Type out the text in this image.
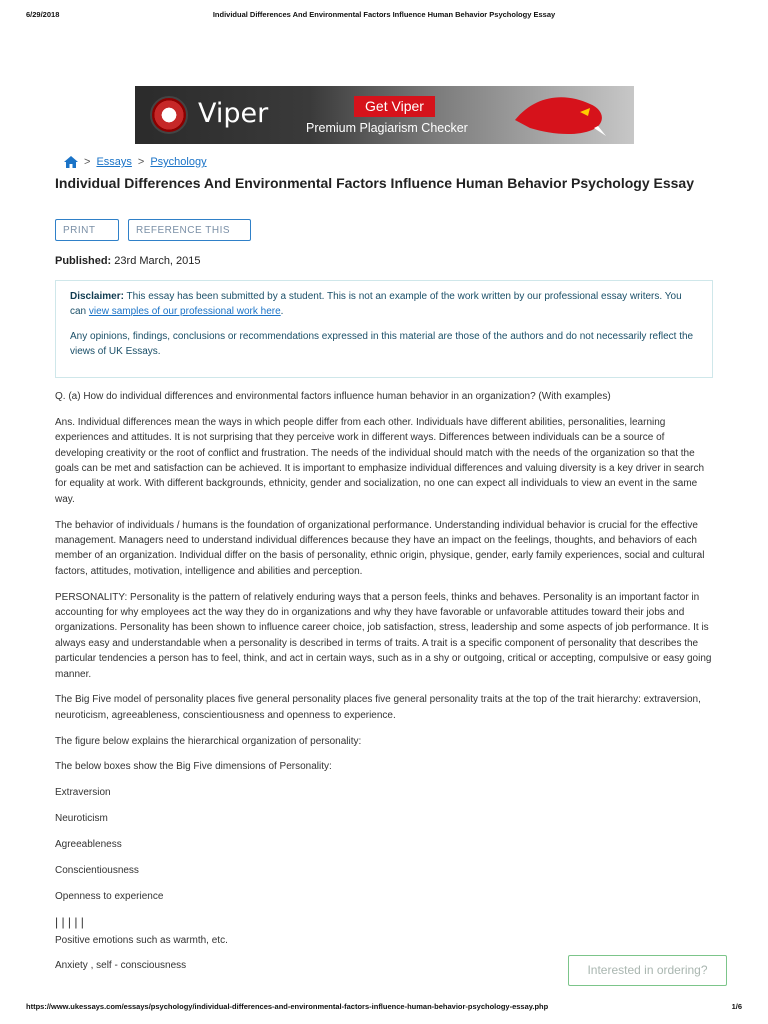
6/29/2018	Individual Differences And Environmental Factors Influence Human Behavior Psychology Essay
Viper	Get Viper
Premium Plagiarism Checker
> Essays > Psychology
Individual Differences And Environmental Factors Influence Human Behavior Psychology Essay
PRINT	REFERENCE THIS
Published: 23rd March, 2015

Disclaimer: This essay has been submitted by a student. This is not an example of the work written by our professional essay writers. You can view samples of our professional work here.

Any opinions, findings, conclusions or recommendations expressed in this material are those of the authors and do not necessarily reflect the views of UK Essays.

Q. (a) How do individual differences and environmental factors influence human behavior in an organization? (With examples)

Ans. Individual differences mean the ways in which people differ from each other. Individuals have different abilities, personalities, learning experiences and attitudes. It is not surprising that they perceive work in different ways. Differences between individuals can be a source of developing creativity or the root of conflict and frustration. The needs of the individual should match with the needs of the organization so that the goals can be met and satisfaction can be achieved. It is important to emphasize individual differences and valuing diversity is a key driver in search for equality at work. With different backgrounds, ethnicity, gender and socialization, no one can expect all individuals to view an event in the same way.

The behavior of individuals / humans is the foundation of organizational performance. Understanding individual behavior is crucial for the effective management. Managers need to understand individual differences because they have an impact on the feelings, thoughts, and behaviors of each member of an organization. Individual differ on the basis of personality, ethnic origin, physique, gender, early family experiences, social and cultural factors, attitudes, motivation, intelligence and abilities and perception.

PERSONALITY: Personality is the pattern of relatively enduring ways that a person feels, thinks and behaves. Personality is an important factor in accounting for why employees act the way they do in organizations and why they have favorable or unfavorable attitudes toward their jobs and organizations. Personality has been shown to influence career choice, job satisfaction, stress, leadership and some aspects of job performance. It is always easy and understandable when a personality is described in terms of traits. A trait is a specific component of personality that describes the particular tendencies a person has to feel, think, and act in certain ways, such as in a shy or outgoing, critical or accepting, compulsive or easy going manner.

The Big Five model of personality places five general personality places five general personality traits at the top of the trait hierarchy: extraversion, neuroticism, agreeableness, conscientiousness and openness to experience.

The figure below explains the hierarchical organization of personality:

The below boxes show the Big Five dimensions of Personality:

Extraversion

Neuroticism

Agreeableness

Conscientiousness

Openness to experience

| | | | |

Positive emotions such as warmth, etc.

Anxiety , self - consciousness	Interested in ordering?
https://www.ukessays.com/essays/psychology/individual-differences-and-environmental-factors-influence-human-behavior-psychology-essay.php	1/6
